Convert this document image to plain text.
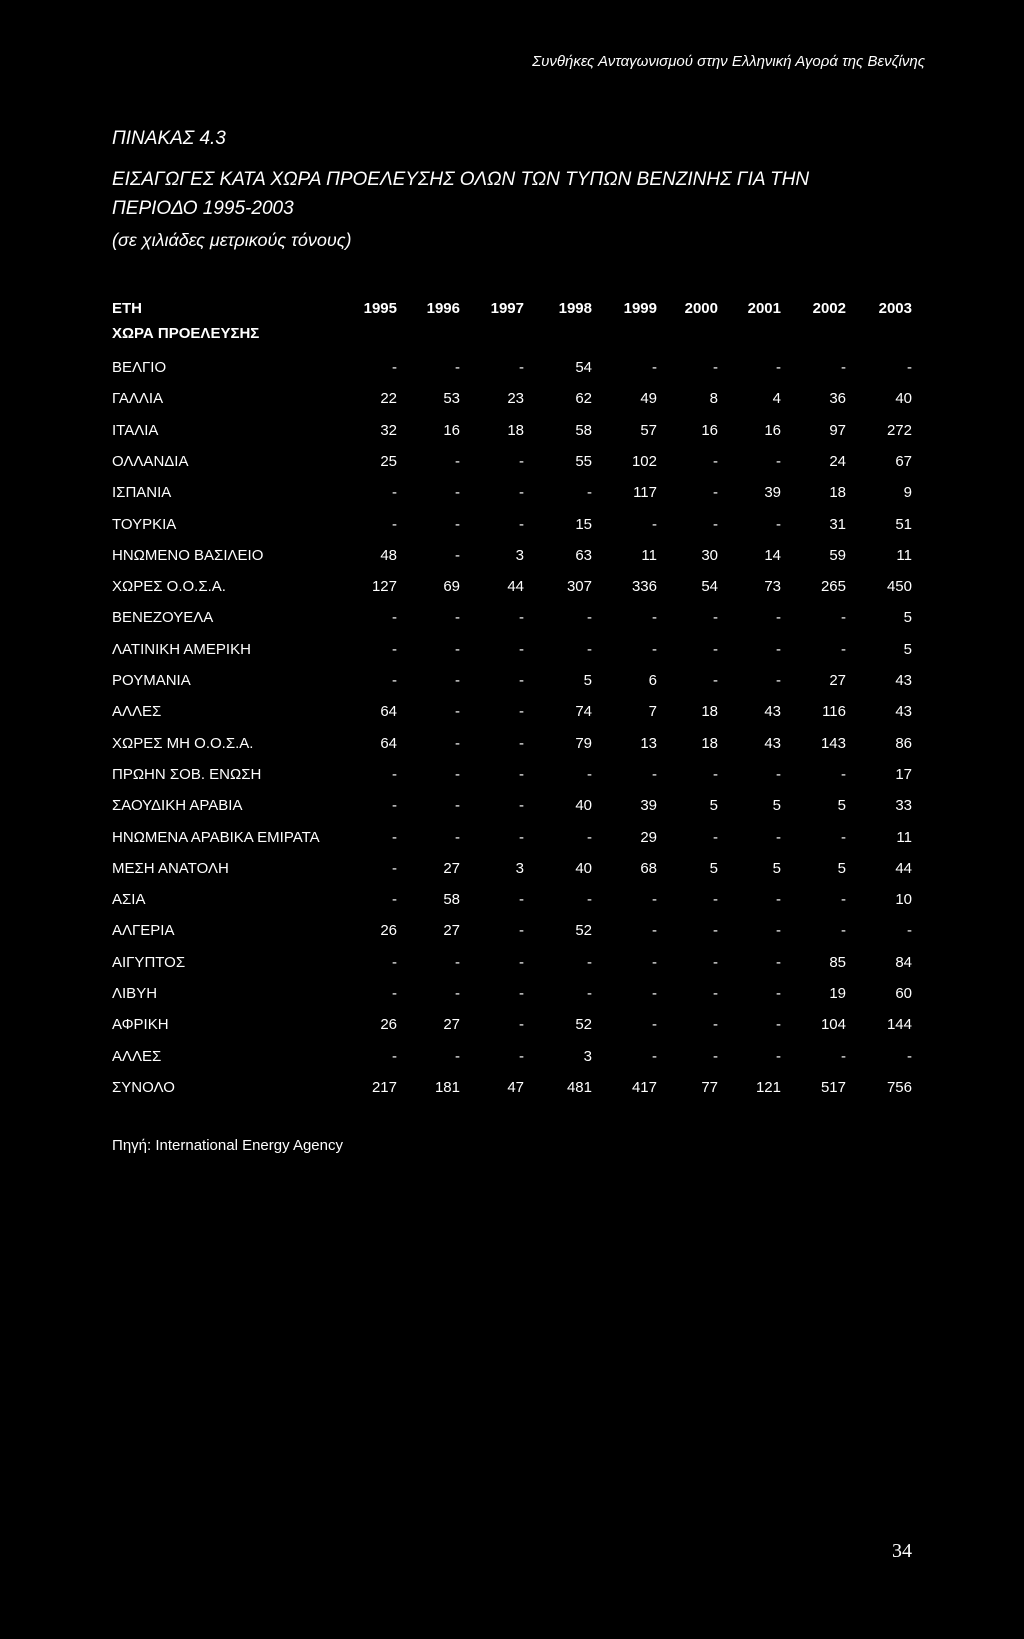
Συνθήκες Ανταγωνισμού στην Ελληνική Αγορά της Βενζίνης
ΠΙΝΑΚΑΣ 4.3
ΕΙΣΑΓΩΓΕΣ ΚΑΤΑ ΧΩΡΑ ΠΡΟΕΛΕΥΣΗΣ ΟΛΩΝ ΤΩΝ ΤΥΠΩΝ ΒΕΝΖΙΝΗΣ ΓΙΑ ΤΗΝ
ΠΕΡΙΟΔΟ 1995-2003
(σε χιλιάδες μετρικούς τόνους)
ΕΤΗ
ΧΩΡΑ ΠΡΟΕΛΕΥΣΗΣ
1995	1996	1997	1998	1999	2000	2001	2002	2003
ΒΕΛΓΙΟ	-	-	-	54	-	-	-	-	-
ΓΑΛΛΙΑ	22	53	23	62	49	8	4	36	40
ΙΤΑΛΙΑ	32	16	18	58	57	16	16	97	272
ΟΛΛΑΝΔΙΑ	25	-	-	55	102	-	-	24	67
ΙΣΠΑΝΙΑ	-	-	-	-	117	-	39	18	9
ΤΟΥΡΚΙΑ	-	-	-	15	-	-	-	31	51
ΗΝΩΜΕΝΟ ΒΑΣΙΛΕΙΟ	48	-	3	63	11	30	14	59	11
ΧΩΡΕΣ Ο.Ο.Σ.Α.	127	69	44	307	336	54	73	265	450
ΒΕΝΕΖΟΥΕΛΑ	-	-	-	-	-	-	-	-	5
ΛΑΤΙΝΙΚΗ ΑΜΕΡΙΚΗ	-	-	-	-	-	-	-	-	5
ΡΟΥΜΑΝΙΑ	-	-	-	5	6	-	-	27	43
ΑΛΛΕΣ	64	-	-	74	7	18	43	116	43
ΧΩΡΕΣ ΜΗ Ο.Ο.Σ.Α.	64	-	-	79	13	18	43	143	86
ΠΡΩΗΝ ΣΟΒ. ΕΝΩΣΗ	-	-	-	-	-	-	-	-	17
ΣΑΟΥΔΙΚΗ ΑΡΑΒΙΑ	-	-	-	40	39	5	5	5	33
ΗΝΩΜΕΝΑ ΑΡΑΒΙΚΑ ΕΜΙΡΑΤΑ	-	-	-	-	29	-	-	-	11
ΜΕΣΗ ΑΝΑΤΟΛΗ	-	27	3	40	68	5	5	5	44
ΑΣΙΑ	-	58	-	-	-	-	-	-	10
ΑΛΓΕΡΙΑ	26	27	-	52	-	-	-	-	-
ΑΙΓΥΠΤΟΣ	-	-	-	-	-	-	-	85	84
ΛΙΒΥΗ	-	-	-	-	-	-	-	19	60
ΑΦΡΙΚΗ	26	27	-	52	-	-	-	104	144
ΑΛΛΕΣ	-	-	-	3	-	-	-	-	-
ΣΥΝΟΛΟ	217	181	47	481	417	77	121	517	756
Πηγή: International Energy Agency
34
